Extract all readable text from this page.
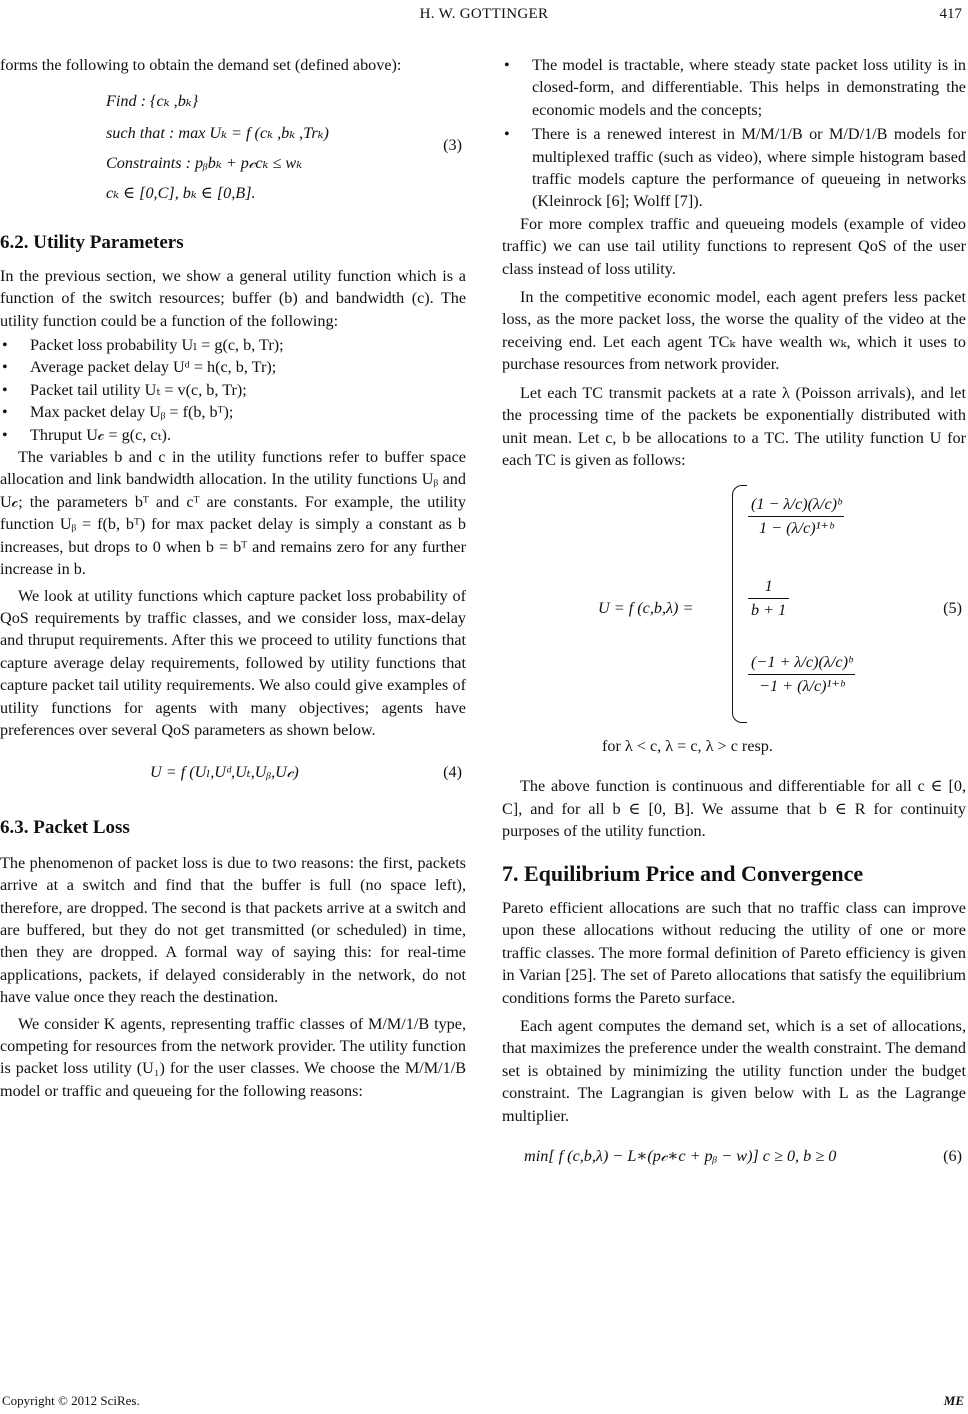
H. W. GOTTINGER	417

forms the following to obtain the demand set (defined above):

Find : {cₖ ,bₖ}
such that : max Uₖ = f (cₖ ,bₖ ,Trₖ)
Constraints : pᵦbₖ + p𝒸cₖ ≤ wₖ
cₖ ∈ [0,C], bₖ ∈ [0,B].
(3)
6.2. Utility Parameters

In the previous section, we show a general utility function which is a function of the switch resources; buffer (b) and bandwidth (c). The utility function could be a function of the following:

• Packet loss probability Uₗ = g(c, b, Tr);
• Average packet delay Uᵈ = h(c, b, Tr);
• Packet tail utility Uₜ = v(c, b, Tr);
• Max packet delay Uᵦ = f(b, bᵀ);
• Thruput U𝒸 = g(c, cₜ).

The variables b and c in the utility functions refer to buffer space allocation and link bandwidth allocation. In the utility functions Uᵦ and U𝒸; the parameters bᵀ and cᵀ are constants. For example, the utility function Uᵦ = f(b, bᵀ) for max packet delay is simply a constant as b increases, but drops to 0 when b = bᵀ and remains zero for any further increase in b.

We look at utility functions which capture packet loss probability of QoS requirements by traffic classes, and we consider loss, max-delay and thruput requirements. After this we proceed to utility functions that capture average delay requirements, followed by utility functions that capture packet tail utility requirements. We also could give examples of utility functions for agents with many objectives; agents have preferences over several QoS parameters as shown below.

U = f (Uₗ,Uᵈ,Uₜ,Uᵦ,U𝒸)	(4)
6.3. Packet Loss

The phenomenon of packet loss is due to two reasons: the first, packets arrive at a switch and find that the buffer is full (no space left), therefore, are dropped. The second is that packets arrive at a switch and are buffered, but they do not get transmitted (or scheduled) in time, then they are dropped. A formal way of saying this: for real-time applications, packets, if delayed considerably in the network, do not have value once they reach the destination.

We consider K agents, representing traffic classes of M/M/1/B type, competing for resources from the network provider. The utility function is packet loss utility (U₁) for the user classes. We choose the M/M/1/B model or traffic and queueing for the following reasons:

• The model is tractable, where steady state packet loss utility is in closed-form, and differentiable. This helps in demonstrating the economic models and the concepts;
• There is a renewed interest in M/M/1/B or M/D/1/B models for multiplexed traffic (such as video), where simple histogram based traffic models capture the performance of queueing in networks (Kleinrock [6]; Wolff [7]).

For more complex traffic and queueing models (example of video traffic) we can use tail utility functions to represent QoS of the user class instead of loss utility.

In the competitive economic model, each agent prefers less packet loss, as the more packet loss, the worse the quality of the video at the receiving end. Let each agent TCₖ have wealth wₖ, which it uses to purchase resources from network provider.

Let each TC transmit packets at a rate λ (Poisson arrivals), and let the processing time of the packets be exponentially distributed with unit mean. Let c, b be allocations to a TC. The utility function U for each TC is given as follows:

U = f (c,b,λ) =
$\frac{\text{(1 − λ/c)(λ/c)ᵇ}}{\text{1 − (λ/c)¹⁺ᵇ}}$
$\frac{1}{b + 1}$
$\frac{\text{(−1 + λ/c)(λ/c)ᵇ}}{\text{−1 + (λ/c)¹⁺ᵇ}}$
(5)
for λ < c, λ = c, λ > c resp.

The above function is continuous and differentiable for all c ∈ [0, C], and for all b ∈ [0, B]. We assume that b ∈ R for continuity purposes of the utility function.

7. Equilibrium Price and Convergence

Pareto efficient allocations are such that no traffic class can improve upon these allocations without reducing the utility of one or more traffic classes. The more formal definition of Pareto efficiency is given in Varian [25]. The set of Pareto allocations that satisfy the equilibrium conditions forms the Pareto surface.

Each agent computes the demand set, which is a set of allocations, that maximizes the preference under the wealth constraint. The demand set is obtained by minimizing the utility function under the budget constraint. The Lagrangian is given below with L as the Lagrange multiplier.

min[ f (c,b,λ) − L∗(p𝒸∗c + pᵦ − w)] c ≥ 0, b ≥ 0	(6)
Copyright © 2012 SciRes.	ME
